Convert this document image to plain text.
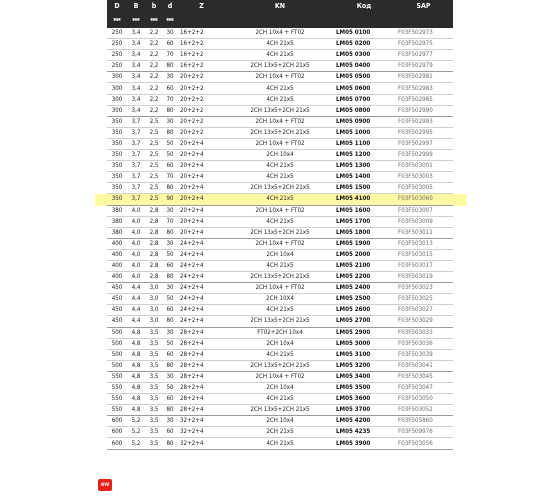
D	B	b	d	Z	KN	Код	SAP
мм	мм	мм	мм				
250	3,4	2,2	30	16+2+2	2CH 10x4 + FT02	LM05 0100	F03F502973
250	3,4	2,2	60	16+2+2	4CH 21x5	LM05 0200	F03F502975
250	3,4	2,2	70	16+2+2	4CH 21x5	LM05 0300	F03F502977
250	3,4	2,2	80	16+2+2	2CH 13x5+2CH 21x5	LM05 0400	F03F502979
300	3,4	2,2	30	20+2+2	2CH 10x4 + FT02	LM05 0500	F03F502981
300	3,4	2,2	60	20+2+2	4CH 21x5	LM05 0600	F03F502983
300	3,4	2,2	70	20+2+2	4CH 21x5	LM05 0700	F03F502985
300	3,4	2,2	80	20+2+2	2CH 13x5+2CH 21x5	LM05 0800	F03F502990
350	3,7	2,5	30	20+2+2	2CH 10x4 + FT02	LM05 0900	F03F502993
350	3,7	2,5	80	20+2+2	2CH 13x5+2CH 21x5	LM05 1000	F03F502995
350	3,7	2,5	50	20+2+4	2CH 10x4 + FT02	LM05 1100	F03F502997
350	3,7	2,5	50	20+2+4	2CH 10x4	LM05 1200	F03F502999
350	3,7	2,5	60	20+2+4	4CH 21x5	LM05 1300	F03F503001
350	3,7	2,5	70	20+2+4	4CH 21x5	LM05 1400	F03F503003
350	3,7	2,5	80	20+2+4	2CH 13x5+2CH 21x5	LM05 1500	F03F503005
350	3,7	2,5	90	20+2+4	4CH 21x5	LM05 4100	F03F503060
380	4,0	2,8	30	20+2+4	2CH 10x4 + FT02	LM05 1600	F03F503007
380	4,0	2,8	70	20+2+4	4CH 21x5	LM05 1700	F03F503009
380	4,0	2,8	80	20+2+4	2CH 13x5+2CH 21x5	LM05 1800	F03F503011
400	4,0	2,8	30	24+2+4	2CH 10x4 + FT02	LM05 1900	F03F503013
400	4,0	2,8	50	24+2+4	2CH 10x4	LM05 2000	F03F503015
400	4,0	2,8	60	24+2+4	4CH 21x5	LM05 2100	F03F503017
400	4,0	2,8	80	24+2+4	2CH 13x5+2CH 21x5	LM05 2200	F03F503019
450	4,4	3,0	30	24+2+4	2CH 10x4 + FT02	LM05 2400	F03F503023
450	4,4	3,0	50	24+2+4	2CH 10X4	LM05 2500	F03F503025
450	4,4	3,0	60	24+2+4	4CH 21x5	LM05 2600	F03F503027
450	4,4	3,0	80	24+2+4	2CH 13x5+2CH 21x5	LM05 2700	F03F503029
500	4,8	3,5	30	28+2+4	FT02+2CH 10x4	LM05 2900	F03F503033
500	4,8	3,5	50	28+2+4	2CH 10x4	LM05 3000	F03F503036
500	4,8	3,5	60	28+2+4	4CH 21x5	LM05 3100	F03F503039
500	4,8	3,5	80	28+2+4	2CH 13x5+2CH 21x5	LM05 3200	F03F503041
550	4,8	3,5	30	28+2+4	2CH 10x4 + FT02	LM05 3400	F03F503045
550	4,8	3,5	50	28+2+4	2CH 10x4	LM05 3500	F03F503047
550	4,8	3,5	60	28+2+4	4CH 21x5	LM05 3600	F03F503050
550	4,8	3,5	80	28+2+4	2CH 13x5+2CH 21x5	LM05 3700	F03F503052
600	5,2	3,5	30	32+2+4	2CH 10x4	LM05 4200	F03F505860
600	5,2	3,5	60	32+2+4	2CH 21x5	LM05 4235	F03F509976
600	5,2	3,5	80	32+2+4	4CH 21x5	LM05 3900	F03F503056
ew
